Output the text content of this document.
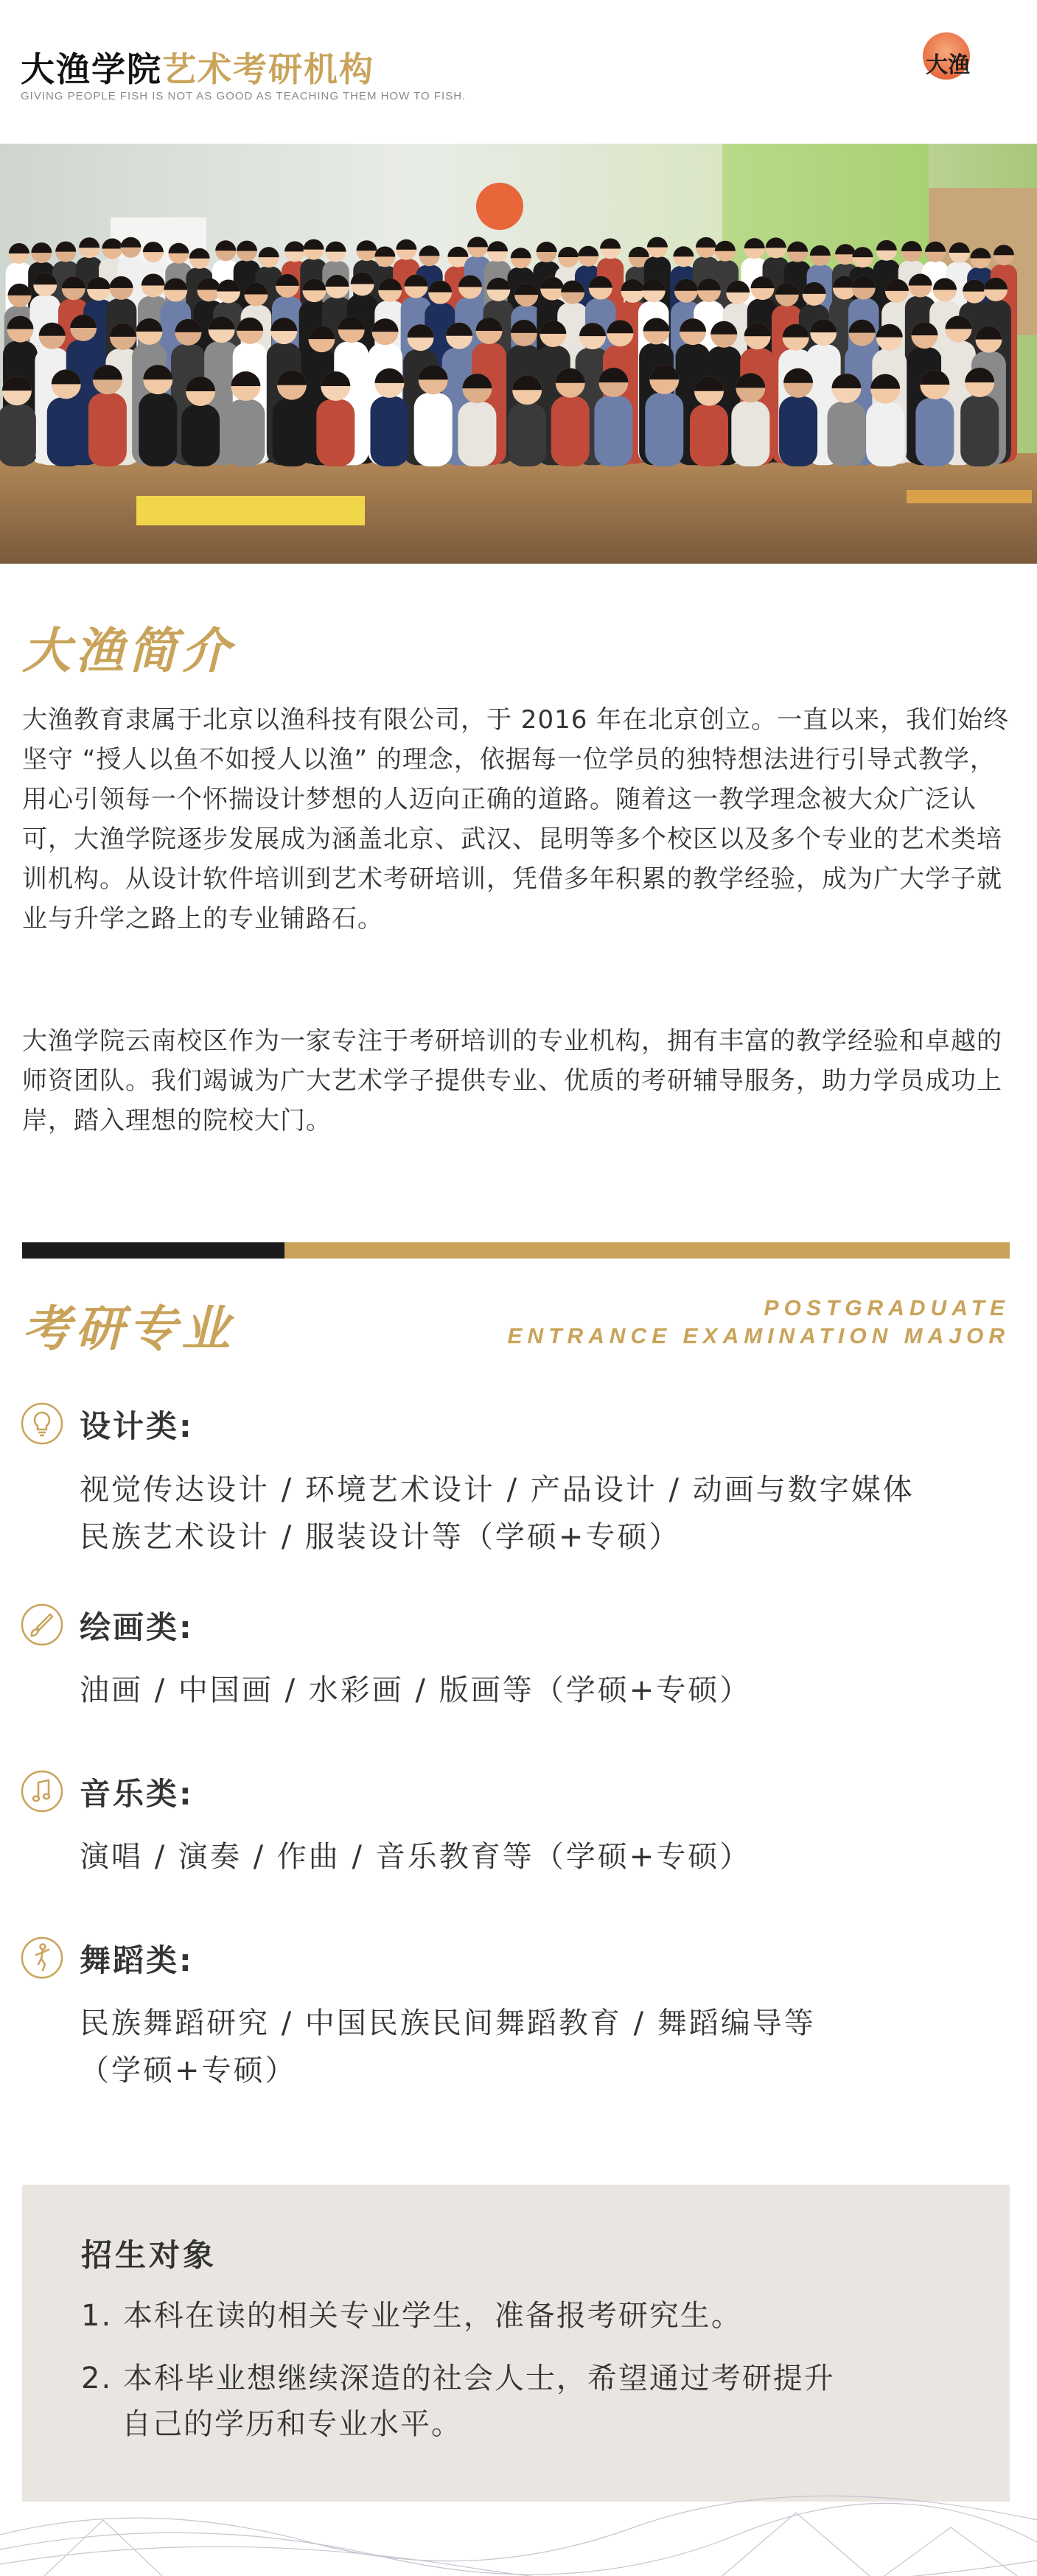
大渔学院艺术考研机构
GIVING PEOPLE FISH IS NOT AS GOOD AS TEACHING THEM HOW TO FISH.
大渔
大渔简介
大渔教育隶属于北京以渔科技有限公司，于 2016 年在北京创立。一直以来，我们始终坚守 “授人以鱼不如授人以渔” 的理念，依据每一位学员的独特想法进行引导式教学，用心引领每一个怀揣设计梦想的人迈向正确的道路。随着这一教学理念被大众广泛认可，大渔学院逐步发展成为涵盖北京、武汉、昆明等多个校区以及多个专业的艺术类培训机构。从设计软件培训到艺术考研培训，凭借多年积累的教学经验，成为广大学子就业与升学之路上的专业铺路石。
大渔学院云南校区作为一家专注于考研培训的专业机构，拥有丰富的教学经验和卓越的师资团队。我们竭诚为广大艺术学子提供专业、优质的考研辅导服务，助力学员成功上岸，踏入理想的院校大门。
考研专业	POSTGRADUATE
ENTRANCE EXAMINATION MAJOR
设计类:
视觉传达设计 / 环境艺术设计 / 产品设计 / 动画与数字媒体
民族艺术设计 / 服装设计等（学硕+专硕）
绘画类:
油画 / 中国画 / 水彩画 / 版画等（学硕+专硕）
音乐类:
演唱 / 演奏 / 作曲 / 音乐教育等（学硕+专硕）
舞蹈类:
民族舞蹈研究 / 中国民族民间舞蹈教育 / 舞蹈编导等
（学硕+专硕）
招生对象
1. 本科在读的相关专业学生，准备报考研究生。
2. 本科毕业想继续深造的社会人士，希望通过考研提升
自己的学历和专业水平。
